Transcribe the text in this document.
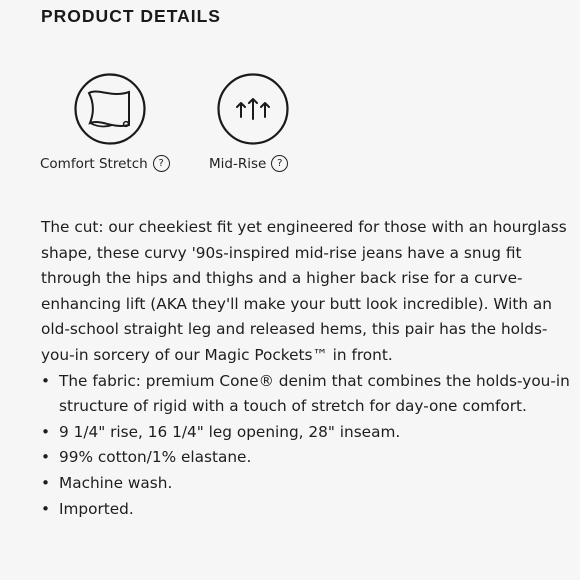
PRODUCT DETAILS
Comfort Stretch	?	Mid-Rise	?

The cut: our cheekiest fit yet engineered for those with an hourglass shape, these curvy '90s-inspired mid-rise jeans have a snug fit through the hips and thighs and a higher back rise for a curve-enhancing lift (AKA they'll make your butt look incredible). With an old-school straight leg and released hems, this pair has the holds-you-in sorcery of our Magic Pockets™ in front.

• The fabric: premium Cone® denim that combines the holds-you-in structure of rigid with a touch of stretch for day-one comfort.
• 9 1/4" rise, 16 1/4" leg opening, 28" inseam.
• 99% cotton/1% elastane.
• Machine wash.
• Imported.
